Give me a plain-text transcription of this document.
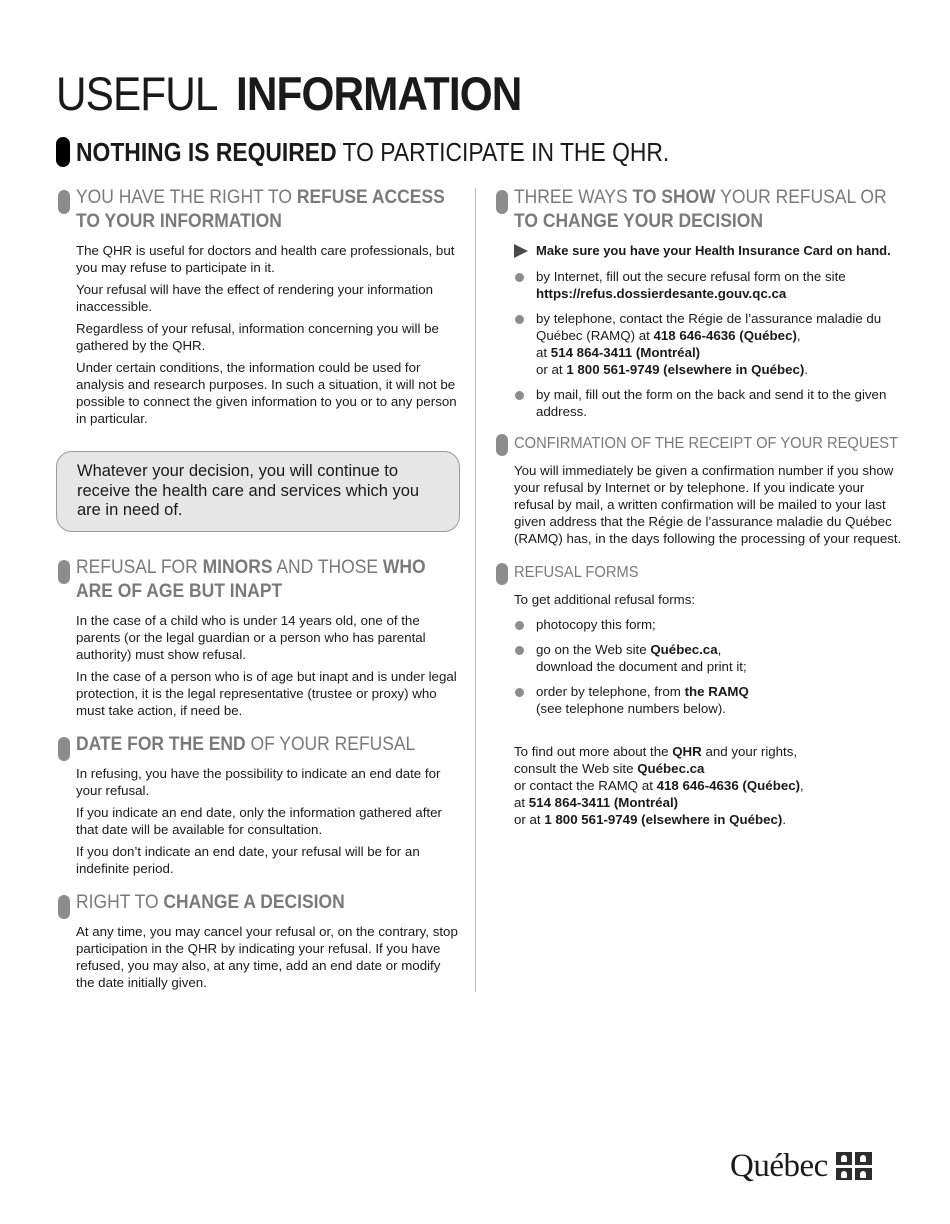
USEFUL INFORMATION
NOTHING IS REQUIRED TO PARTICIPATE IN THE QHR.
YOU HAVE THE RIGHT TO REFUSE ACCESS TO YOUR INFORMATION

The QHR is useful for doctors and health care professionals, but you may refuse to participate in it.

Your refusal will have the effect of rendering your information inaccessible.

Regardless of your refusal, information concerning you will be gathered by the QHR.

Under certain conditions, the information could be used for analysis and research purposes. In such a situation, it will not be possible to connect the given information to you or to any person in particular.

Whatever your decision, you will continue to receive the health care and services which you are in need of.
REFUSAL FOR MINORS AND THOSE WHO ARE OF AGE BUT INAPT

In the case of a child who is under 14 years old, one of the parents (or the legal guardian or a person who has parental authority) must show refusal.

In the case of a person who is of age but inapt and is under legal protection, it is the legal representative (trustee or proxy) who must take action, if need be.

DATE FOR THE END OF YOUR REFUSAL

In refusing, you have the possibility to indicate an end date for your refusal.

If you indicate an end date, only the information gathered after that date will be available for consultation.

If you don’t indicate an end date, your refusal will be for an indefinite period.

RIGHT TO CHANGE A DECISION

At any time, you may cancel your refusal or, on the contrary, stop participation in the QHR by indicating your refusal. If you have refused, you may also, at any time, add an end date or modify the date initially given.

THREE WAYS TO SHOW YOUR REFUSAL OR TO CHANGE YOUR DECISION
Make sure you have your Health Insurance Card on hand.
by Internet, fill out the secure refusal form on the site
https://refus.dossierdesante.gouv.qc.ca
by telephone, contact the Régie de l’assurance maladie du Québec (RAMQ) at 418 646-4636 (Québec),
at 514 864-3411 (Montréal)
or at 1 800 561-9749 (elsewhere in Québec).
by mail, fill out the form on the back and send it to the given address.
CONFIRMATION OF THE RECEIPT OF YOUR REQUEST

You will immediately be given a confirmation number if you show your refusal by Internet or by telephone. If you indicate your refusal by mail, a written confirmation will be mailed to your last given address that the Régie de l’assurance maladie du Québec (RAMQ) has, in the days following the processing of your request.

REFUSAL FORMS

To get additional refusal forms:

photocopy this form;
go on the Web site Québec.ca,
download the document and print it;
order by telephone, from the RAMQ
(see telephone numbers below).

To find out more about the QHR and your rights,
consult the Web site Québec.ca
or contact the RAMQ at 418 646-4636 (Québec),
at 514 864-3411 (Montréal)
or at 1 800 561-9749 (elsewhere in Québec).

Québec
